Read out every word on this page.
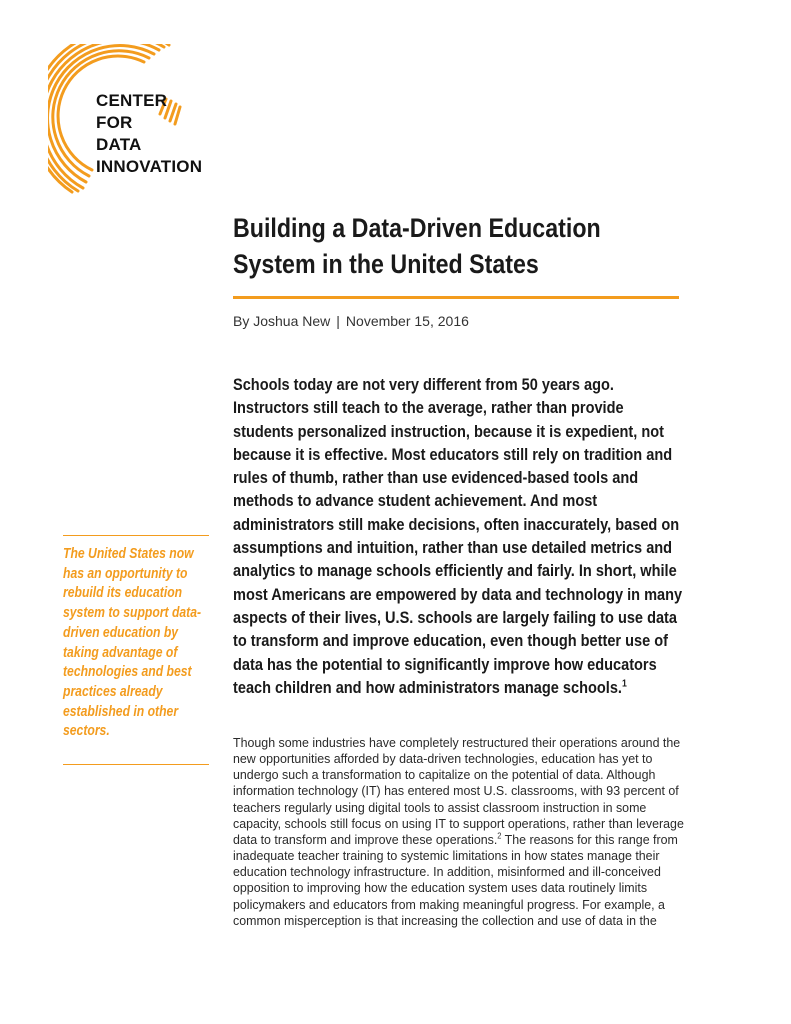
CENTER
FOR
DATA
INNOVATION
Building a Data-Driven Education
System in the United States
By Joshua New | November 15, 2016

Schools today are not very different from 50 years ago. Instructors still teach to the average, rather than provide students personalized instruction, because it is expedient, not because it is effective. Most educators still rely on tradition and rules of thumb, rather than use evidenced-based tools and methods to advance student achievement. And most administrators still make decisions, often inaccurately, based on assumptions and intuition, rather than use detailed metrics and analytics to manage schools efficiently and fairly. In short, while most Americans are empowered by data and technology in many aspects of their lives, U.S. schools are largely failing to use data to transform and improve education, even though better use of data has the potential to significantly improve how educators teach children and how administrators manage schools.$^1$

The United States now has an opportunity to rebuild its education system to support data-driven education by taking advantage of technologies and best practices already established in other sectors.

Though some industries have completely restructured their operations around the new opportunities afforded by data-driven technologies, education has yet to undergo such a transformation to capitalize on the potential of data. Although information technology (IT) has entered most U.S. classrooms, with 93 percent of teachers regularly using digital tools to assist classroom instruction in some capacity, schools still focus on using IT to support operations, rather than leverage data to transform and improve these operations.$^2$ The reasons for this range from inadequate teacher training to systemic limitations in how states manage their education technology infrastructure. In addition, misinformed and ill-conceived opposition to improving how the education system uses data routinely limits policymakers and educators from making meaningful progress. For example, a common misperception is that increasing the collection and use of data in the
